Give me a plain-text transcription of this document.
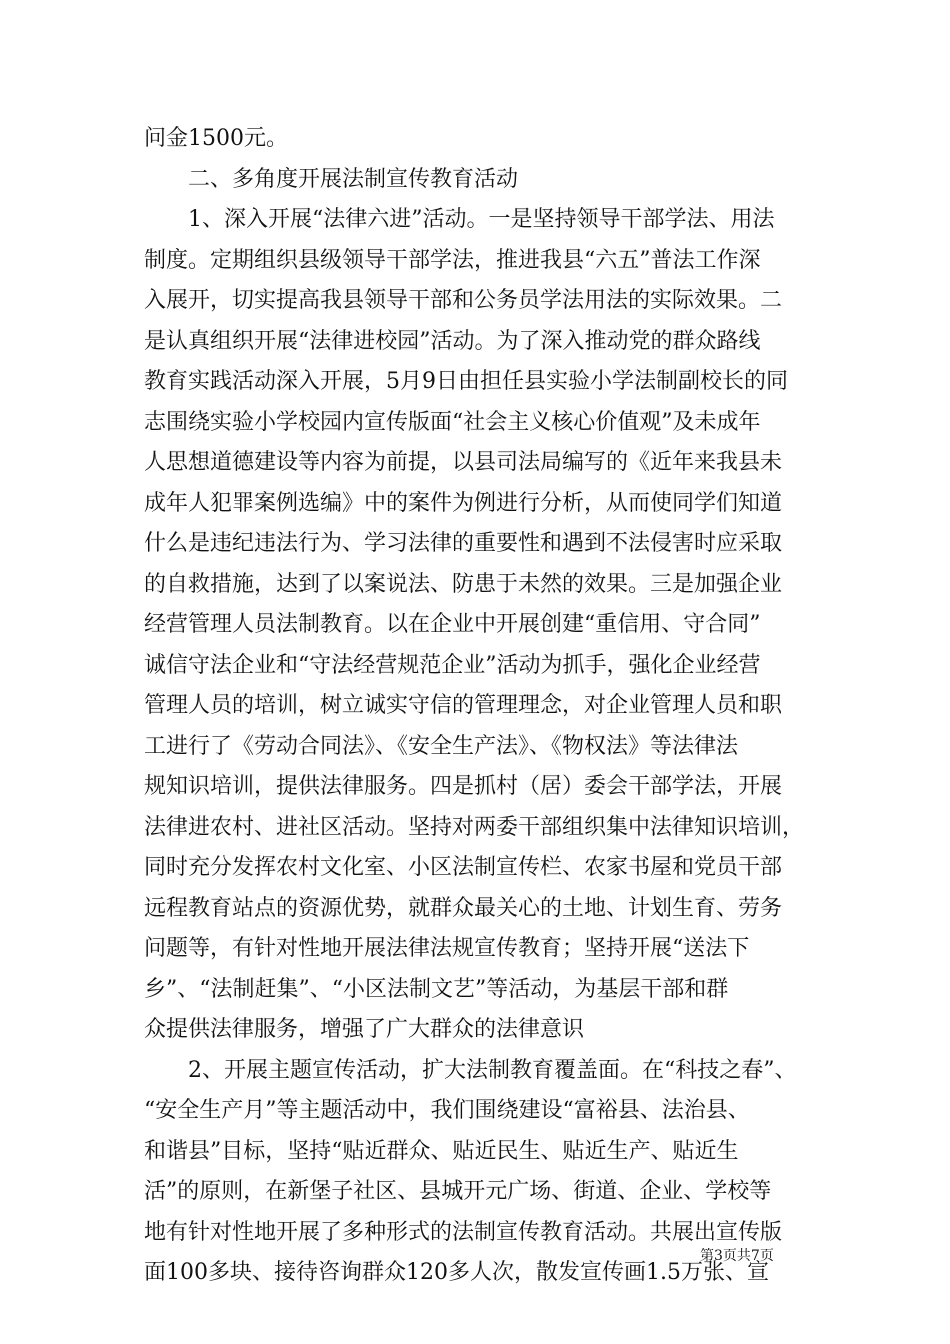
问金1500元。
　　二、多角度开展法制宣传教育活动
　　1、深入开展“法律六进”活动。一是坚持领导干部学法、用法
制度。定期组织县级领导干部学法，推进我县“六五”普法工作深
入展开，切实提高我县领导干部和公务员学法用法的实际效果。二
是认真组织开展“法律进校园”活动。为了深入推动党的群众路线
教育实践活动深入开展，5月9日由担任县实验小学法制副校长的同
志围绕实验小学校园内宣传版面“社会主义核心价值观”及未成年
人思想道德建设等内容为前提，以县司法局编写的《近年来我县未
成年人犯罪案例选编》中的案件为例进行分析，从而使同学们知道
什么是违纪违法行为、学习法律的重要性和遇到不法侵害时应采取
的自救措施，达到了以案说法、防患于未然的效果。三是加强企业
经营管理人员法制教育。以在企业中开展创建“重信用、守合同”
诚信守法企业和“守法经营规范企业”活动为抓手，强化企业经营
管理人员的培训，树立诚实守信的管理理念，对企业管理人员和职
工进行了《劳动合同法》、《安全生产法》、《物权法》等法律法
规知识培训，提供法律服务。四是抓村（居）委会干部学法，开展
法律进农村、进社区活动。坚持对两委干部组织集中法律知识培训，
同时充分发挥农村文化室、小区法制宣传栏、农家书屋和党员干部
远程教育站点的资源优势，就群众最关心的土地、计划生育、劳务
问题等，有针对性地开展法律法规宣传教育；坚持开展“送法下
乡”、“法制赶集”、“小区法制文艺”等活动，为基层干部和群
众提供法律服务，增强了广大群众的法律意识
　　2、开展主题宣传活动，扩大法制教育覆盖面。在“科技之春”、
“安全生产月”等主题活动中，我们围绕建设“富裕县、法治县、
和谐县”目标，坚持“贴近群众、贴近民生、贴近生产、贴近生
活”的原则，在新堡子社区、县城开元广场、街道、企业、学校等
地有针对性地开展了多种形式的法制宣传教育活动。共展出宣传版
面100多块、接待咨询群众120多人次，散发宣传画1.5万张、宣
第3页共7页
